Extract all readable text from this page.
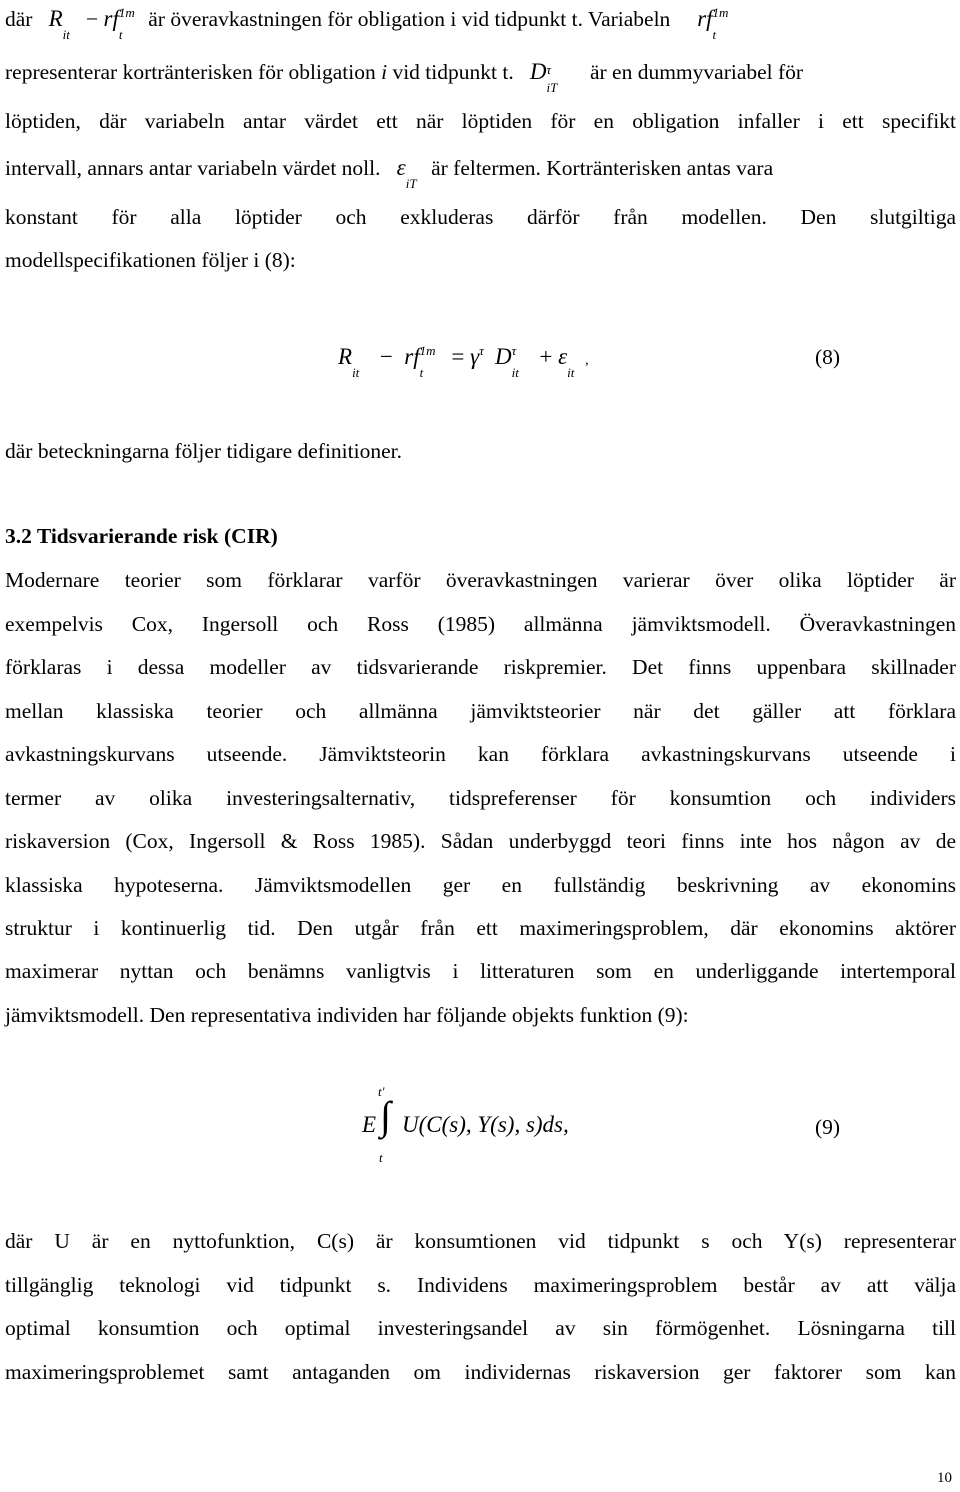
där R
it
− rf 1m
t
är överavkastningen för obligation i vid tidpunkt t. Variabeln rf 1m
t
representerar kortränterisken för obligation i vid tidpunkt t. D τ
iT
är en dummyvariabel för
löptiden, där variabeln antar värdet ett när löptiden för en obligation infaller i ett specifikt
intervall, annars antar variabeln värdet noll. ε
iT
är feltermen. Kortränterisken antas vara
konstant för alla löptider och exkluderas därför från modellen. Den slutgiltiga
modellspecifikationen följer i (8):
R
it
− rf 1m
t
= γ τ D τ
it
+ ε
it
,	(8)
där beteckningarna följer tidigare definitioner.
3.2 Tidsvarierande risk (CIR)
Modernare teorier som förklarar varför överavkastningen varierar över olika löptider är
exempelvis Cox, Ingersoll och Ross (1985) allmänna jämviktsmodell. Överavkastningen
förklaras i dessa modeller av tidsvarierande riskpremier. Det finns uppenbara skillnader
mellan klassiska teorier och allmänna jämviktsteorier när det gäller att förklara
avkastningskurvans utseende. Jämviktsteorin kan förklara avkastningskurvans utseende i
termer av olika investeringsalternativ, tidspreferenser för konsumtion och individers
riskaversion (Cox, Ingersoll & Ross 1985). Sådan underbyggd teori finns inte hos någon av de
klassiska hypoteserna. Jämviktsmodellen ger en fullständig beskrivning av ekonomins
struktur i kontinuerlig tid. Den utgår från ett maximeringsproblem, där ekonomins aktörer
maximerar nyttan och benämns vanligtvis i litteraturen som en underliggande intertemporal
jämviktsmodell. Den representativa individen har följande objekts funktion (9):
E
t'
∫
t
U(C(s), Y(s), s)ds,	(9)
där U är en nyttofunktion, C(s) är konsumtionen vid tidpunkt s och Y(s) representerar
tillgänglig teknologi vid tidpunkt s. Individens maximeringsproblem består av att välja
optimal konsumtion och optimal investeringsandel av sin förmögenhet. Lösningarna till
maximeringsproblemet samt antaganden om individernas riskaversion ger faktorer som kan
10
